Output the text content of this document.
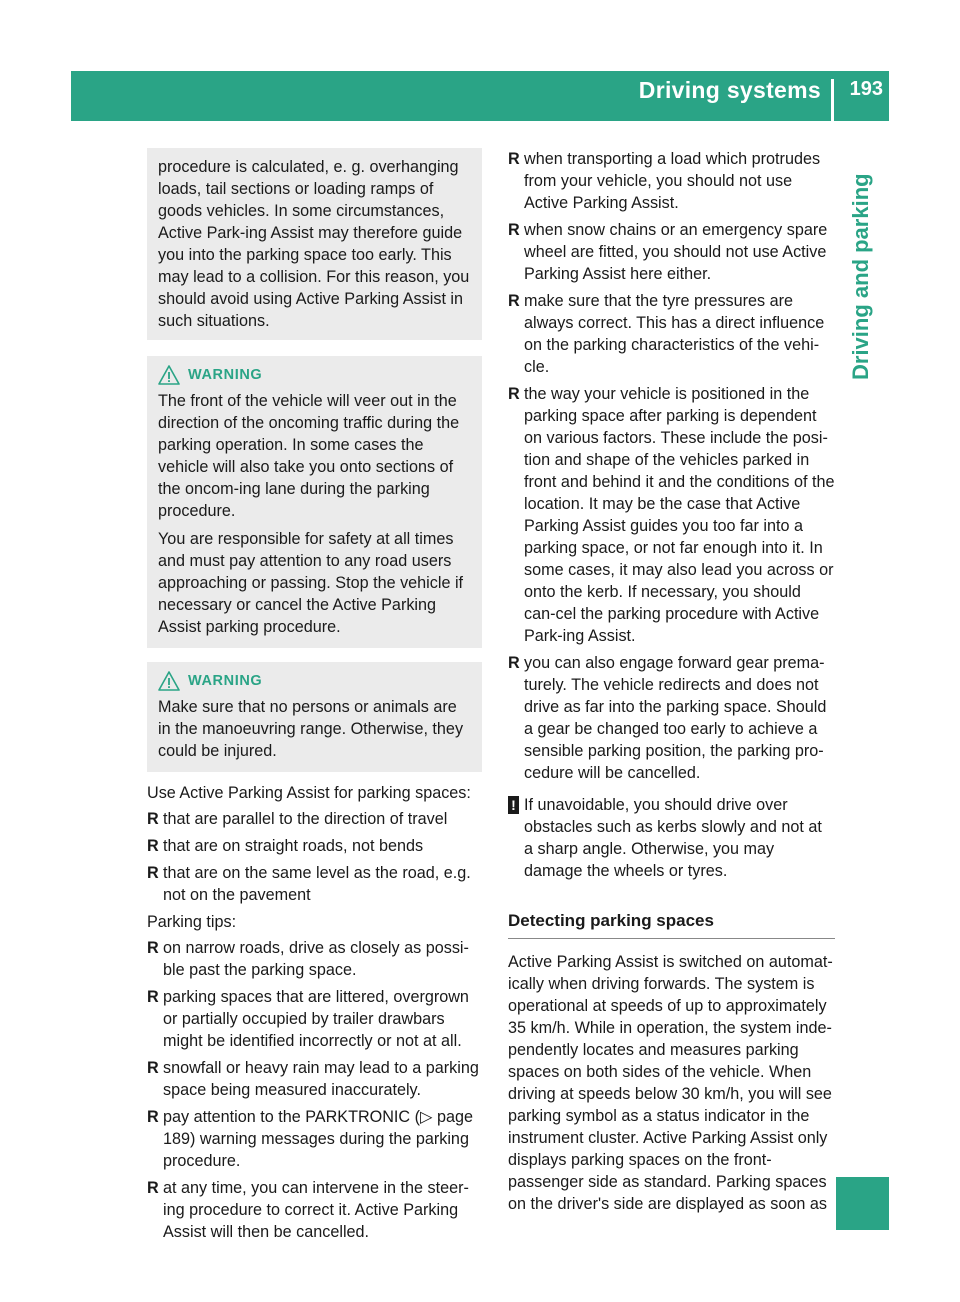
Driving systems 193
Driving and parking

procedure is calculated, e. g. overhanging loads, tail sections or loading ramps of goods vehicles. In some circumstances, Active Park-ing Assist may therefore guide you into the parking space too early. This may lead to a collision. For this reason, you should avoid using Active Parking Assist in such situations.

WARNING

The front of the vehicle will veer out in the direction of the oncoming traffic during the parking operation. In some cases the vehicle will also take you onto sections of the oncom-ing lane during the parking procedure.

You are responsible for safety at all times and must pay attention to any road users approaching or passing. Stop the vehicle if necessary or cancel the Active Parking Assist parking procedure.

WARNING

Make sure that no persons or animals are in the manoeuvring range. Otherwise, they could be injured.

Use Active Parking Assist for parking spaces:

R that are parallel to the direction of travel
R that are on straight roads, not bends
R that are on the same level as the road, e.g. not on the pavement

Parking tips:

R on narrow roads, drive as closely as possi-ble past the parking space.
R parking spaces that are littered, overgrown or partially occupied by trailer drawbars might be identified incorrectly or not at all.
R snowfall or heavy rain may lead to a parking space being measured inaccurately.
R pay attention to the PARKTRONIC (▷ page 189) warning messages during the parking procedure.
R at any time, you can intervene in the steer-ing procedure to correct it. Active Parking Assist will then be cancelled.
R when transporting a load which protrudes from your vehicle, you should not use Active Parking Assist.
R when snow chains or an emergency spare wheel are fitted, you should not use Active Parking Assist here either.
R make sure that the tyre pressures are always correct. This has a direct influence on the parking characteristics of the vehi-cle.
R the way your vehicle is positioned in the parking space after parking is dependent on various factors. These include the posi-tion and shape of the vehicles parked in front and behind it and the conditions of the location. It may be the case that Active Parking Assist guides you too far into a parking space, or not far enough into it. In some cases, it may also lead you across or onto the kerb. If necessary, you should can-cel the parking procedure with Active Park-ing Assist.
R you can also engage forward gear prema-turely. The vehicle redirects and does not drive as far into the parking space. Should a gear be changed too early to achieve a sensible parking position, the parking pro-cedure will be cancelled.
! If unavoidable, you should drive over obstacles such as kerbs slowly and not at a sharp angle. Otherwise, you may damage the wheels or tyres.
Detecting parking spaces

Active Parking Assist is switched on automat-ically when driving forwards. The system is operational at speeds of up to approximately 35 km/h. While in operation, the system inde-pendently locates and measures parking spaces on both sides of the vehicle. When driving at speeds below 30 km/h, you will see parking symbol as a status indicator in the instrument cluster. Active Parking Assist only displays parking spaces on the front-passenger side as standard. Parking spaces on the driver's side are displayed as soon as
